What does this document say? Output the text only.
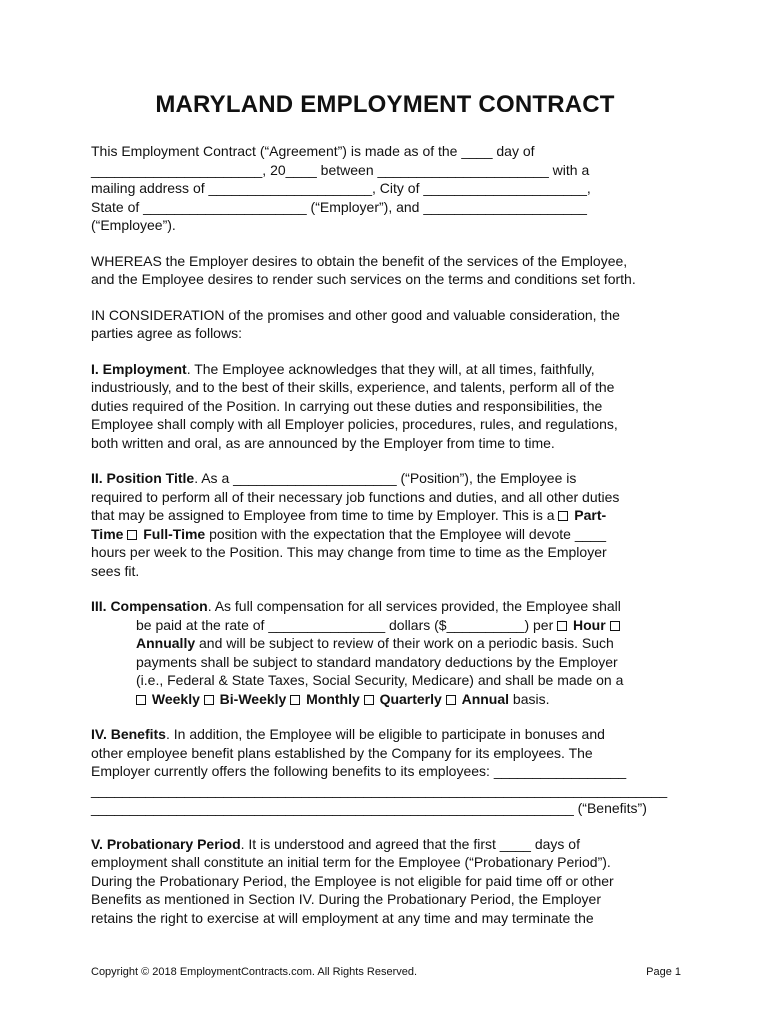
MARYLAND EMPLOYMENT CONTRACT
This Employment Contract (“Agreement”) is made as of the ____ day of
______________________, 20____ between ______________________ with a
mailing address of _____________________, City of _____________________,
State of _____________________ (“Employer”), and _____________________
(“Employee”).
WHEREAS the Employer desires to obtain the benefit of the services of the Employee,
and the Employee desires to render such services on the terms and conditions set forth.
IN CONSIDERATION of the promises and other good and valuable consideration, the
parties agree as follows:
I. Employment. The Employee acknowledges that they will, at all times, faithfully,
industriously, and to the best of their skills, experience, and talents, perform all of the
duties required of the Position. In carrying out these duties and responsibilities, the
Employee shall comply with all Employer policies, procedures, rules, and regulations,
both written and oral, as are announced by the Employer from time to time.
II. Position Title. As a _____________________ (“Position”), the Employee is
required to perform all of their necessary job functions and duties, and all other duties
that may be assigned to Employee from time to time by Employer. This is a Part-
Time Full-Time position with the expectation that the Employee will devote ____
hours per week to the Position. This may change from time to time as the Employer
sees fit.
III. Compensation. As full compensation for all services provided, the Employee shall
be paid at the rate of _______________ dollars ($__________) per Hour
Annually and will be subject to review of their work on a periodic basis. Such
payments shall be subject to standard mandatory deductions by the Employer
(i.e., Federal & State Taxes, Social Security, Medicare) and shall be made on a
Weekly Bi-Weekly Monthly Quarterly Annual basis.
IV. Benefits. In addition, the Employee will be eligible to participate in bonuses and
other employee benefit plans established by the Company for its employees. The
Employer currently offers the following benefits to its employees: _________________
__________________________________________________________________________
______________________________________________________________ (“Benefits”)
V. Probationary Period. It is understood and agreed that the first ____ days of
employment shall constitute an initial term for the Employee (“Probationary Period”).
During the Probationary Period, the Employee is not eligible for paid time off or other
Benefits as mentioned in Section IV. During the Probationary Period, the Employer
retains the right to exercise at will employment at any time and may terminate the
Copyright © 2018 EmploymentContracts.com. All Rights Reserved.	Page 1
